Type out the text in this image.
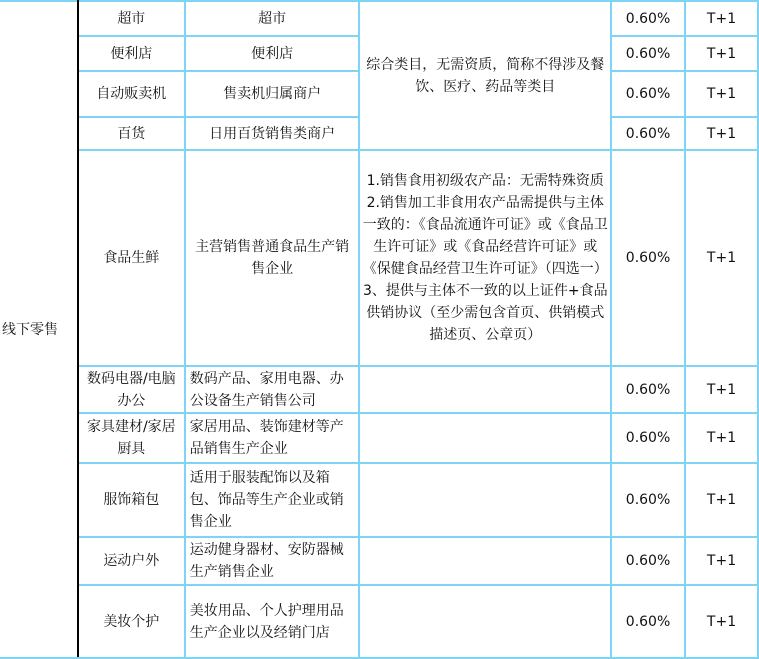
线下零售	超市	超市	综合类目，无需资质，简称不得涉及餐饮、医疗、药品等类目	0.60%	T+1
	便利店	便利店		0.60%	T+1
	自动贩卖机	售卖机归属商户		0.60%	T+1
	百货	日用百货销售类商户		0.60%	T+1
	食品生鲜	主营销售普通食品生产销售企业	1.销售食用初级农产品：无需特殊资质2.销售加工非食用农产品需提供与主体一致的：《食品流通许可证》或《食品卫生许可证》或《食品经营许可证》或《保健食品经营卫生许可证》（四选一）3、提供与主体不一致的以上证件+食品供销协议（至少需包含首页、供销模式描述页、公章页）	0.60%	T+1
	数码电器/电脑办公	数码产品、家用电器、办公设备生产销售公司		0.60%	T+1
	家具建材/家居厨具	家居用品、装饰建材等产品销售生产企业		0.60%	T+1
	服饰箱包	适用于服装配饰以及箱包、饰品等生产企业或销售企业		0.60%	T+1
	运动户外	运动健身器材、安防器械生产销售企业		0.60%	T+1
	美妆个护	美妆用品、个人护理用品生产企业以及经销门店		0.60%	T+1
